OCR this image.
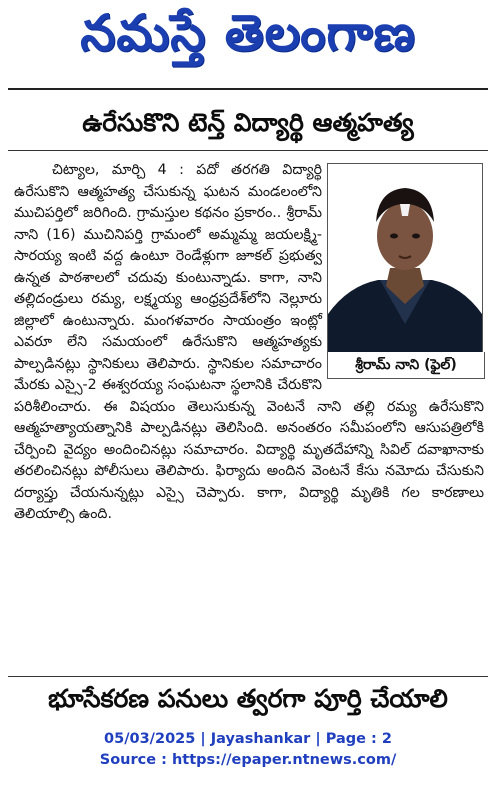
నమస్తే తెలంగాణ
ఉరేసుకొని టెన్త్ విద్యార్థి ఆత్మహత్య
శ్రీరామ్ నాని (ఫైల్)

చిట్యాల, మార్చి 4 : పదో తరగతి విద్యార్థి ఉరేసుకొని ఆత్మహత్య చేసుకున్న ఘటన మండలంలోని ముచిపర్తిలో జరిగింది. గ్రామస్తుల కథనం ప్రకారం.. శ్రీరామ్ నాని (16) ముచినిపర్తి గ్రామంలో అమ్మమ్మ జయలక్ష్మి-సారయ్య ఇంటి వద్ద ఉంటూ రెండేళ్లుగా జూకల్ ప్రభుత్వ ఉన్నత పాఠశాలలో చదువు కుంటున్నాడు. కాగా, నాని తల్లిదండ్రులు రమ్య, లక్ష్మయ్య ఆంధ్రప్రదేశ్‌లోని నెల్లూరు జిల్లాలో ఉంటున్నారు. మంగళవారం సాయంత్రం ఇంట్లో ఎవరూ లేని సమయంలో ఉరేసుకొని ఆత్మహత్యకు పాల్పడినట్లు స్థానికులు తెలిపారు. స్థానికుల సమాచారం మేరకు ఎస్సై-2 ఈశ్వరయ్య సంఘటనా స్థలానికి చేరుకొని పరిశీలించారు. ఈ విషయం తెలుసుకున్న వెంటనే నాని తల్లి రమ్య ఉరేసుకొని ఆత్మహత్యాయత్నానికి పాల్పడినట్లు తెలిసింది. అనంతరం సమీపంలోని ఆసుపత్రిలోకి చేర్పించి వైద్యం అందించినట్లు సమాచారం. విద్యార్థి మృతదేహాన్ని సివిల్ దవాఖానాకు తరలించినట్లు పోలీసులు తెలిపారు. ఫిర్యాదు అందిన వెంటనే కేసు నమోదు చేసుకుని దర్యాప్తు చేయనున్నట్లు ఎస్సై చెప్పారు. కాగా, విద్యార్థి మృతికి గల కారణాలు తెలియాల్సి ఉంది.

భూసేకరణ పనులు త్వరగా పూర్తి చేయాలి
05/03/2025 | Jayashankar | Page : 2
Source : https://epaper.ntnews.com/
